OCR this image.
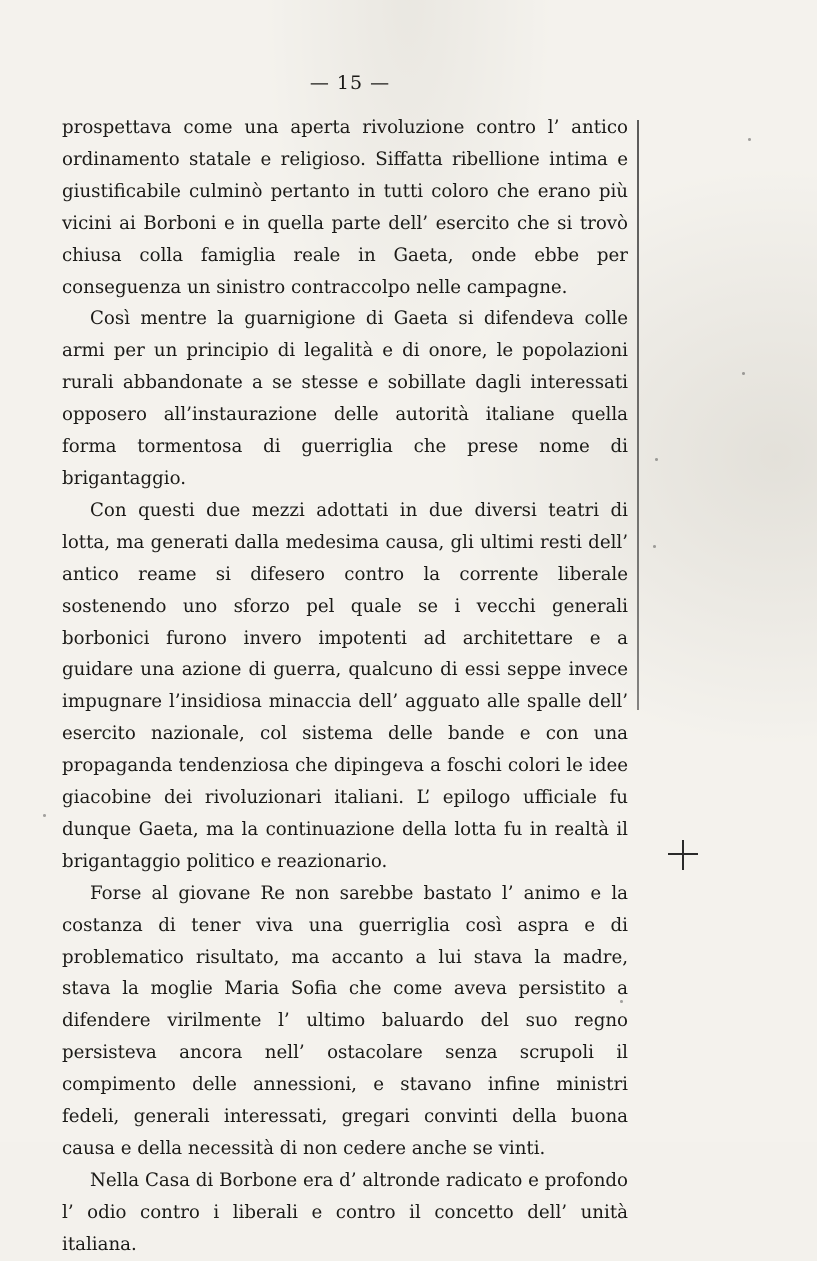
— 15 —

prospettava come una aperta rivoluzione contro l’ antico ordinamento statale e religioso. Siffatta ribellione intima e giustificabile culminò pertanto in tutti coloro che erano più vicini ai Borboni e in quella parte dell’ esercito che si trovò chiusa colla famiglia reale in Gaeta, onde ebbe per conseguenza un sinistro contraccolpo nelle campagne.

Così mentre la guarnigione di Gaeta si difendeva colle armi per un principio di legalità e di onore, le popolazioni rurali abbandonate a se stesse e sobillate dagli interessati opposero all’instaurazione delle autorità italiane quella forma tormentosa di guerriglia che prese nome di brigantaggio.

Con questi due mezzi adottati in due diversi teatri di lotta, ma generati dalla medesima causa, gli ultimi resti dell’ antico reame si difesero contro la corrente liberale sostenendo uno sforzo pel quale se i vecchi generali borbonici furono invero impotenti ad architettare e a guidare una azione di guerra, qualcuno di essi seppe invece impugnare l’insidiosa minaccia dell’ agguato alle spalle dell’ esercito nazionale, col sistema delle bande e con una propaganda tendenziosa che dipingeva a foschi colori le idee giacobine dei rivoluzionari italiani. L’ epilogo ufficiale fu dunque Gaeta, ma la continuazione della lotta fu in realtà il brigantaggio politico e reazionario.

Forse al giovane Re non sarebbe bastato l’ animo e la costanza di tener viva una guerriglia così aspra e di problematico risultato, ma accanto a lui stava la madre, stava la moglie Maria Sofia che come aveva persistito a difendere virilmente l’ ultimo baluardo del suo regno persisteva ancora nell’ ostacolare senza scrupoli il compimento delle annessioni, e stavano infine ministri fedeli, generali interessati, gregari convinti della buona causa e della necessità di non cedere anche se vinti.

Nella Casa di Borbone era d’ altronde radicato e profondo l’ odio contro i liberali e contro il concetto dell’ unità italiana.
